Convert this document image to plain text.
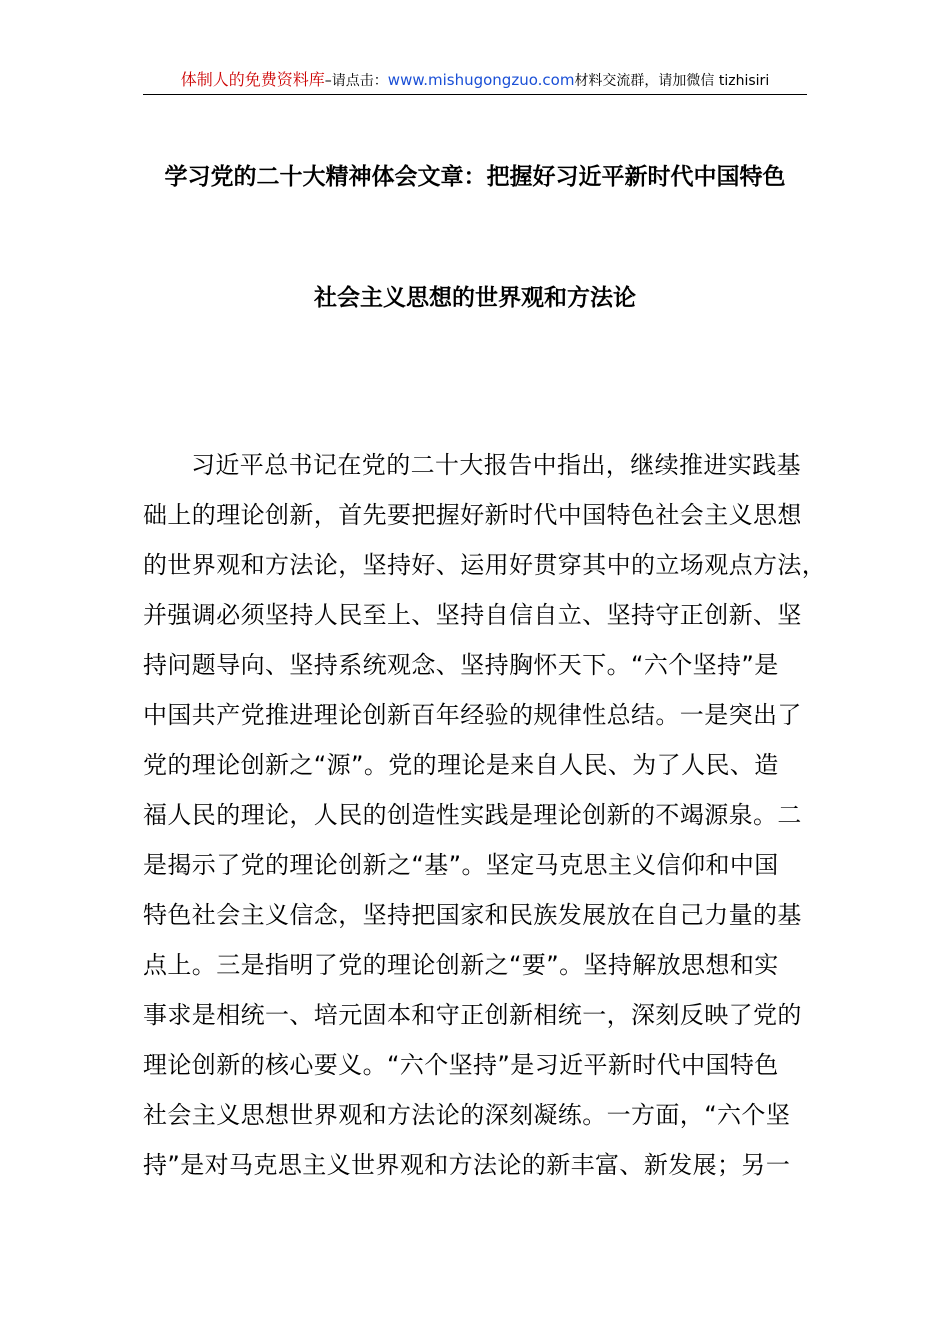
体制人的免费资料库–请点击：www.mishugongzuo.com材料交流群，请加微信 tizhisiri
学习党的二十大精神体会文章：把握好习近平新时代中国特色
社会主义思想的世界观和方法论
习近平总书记在党的二十大报告中指出，继续推进实践基
础上的理论创新，首先要把握好新时代中国特色社会主义思想
的世界观和方法论，坚持好、运用好贯穿其中的立场观点方法，
并强调必须坚持人民至上、坚持自信自立、坚持守正创新、坚
持问题导向、坚持系统观念、坚持胸怀天下。“六个坚持”是
中国共产党推进理论创新百年经验的规律性总结。一是突出了
党的理论创新之“源”。党的理论是来自人民、为了人民、造
福人民的理论，人民的创造性实践是理论创新的不竭源泉。二
是揭示了党的理论创新之“基”。坚定马克思主义信仰和中国
特色社会主义信念，坚持把国家和民族发展放在自己力量的基
点上。三是指明了党的理论创新之“要”。坚持解放思想和实
事求是相统一、培元固本和守正创新相统一，深刻反映了党的
理论创新的核心要义。“六个坚持”是习近平新时代中国特色
社会主义思想世界观和方法论的深刻凝练。一方面，“六个坚
持”是对马克思主义世界观和方法论的新丰富、新发展；另一
